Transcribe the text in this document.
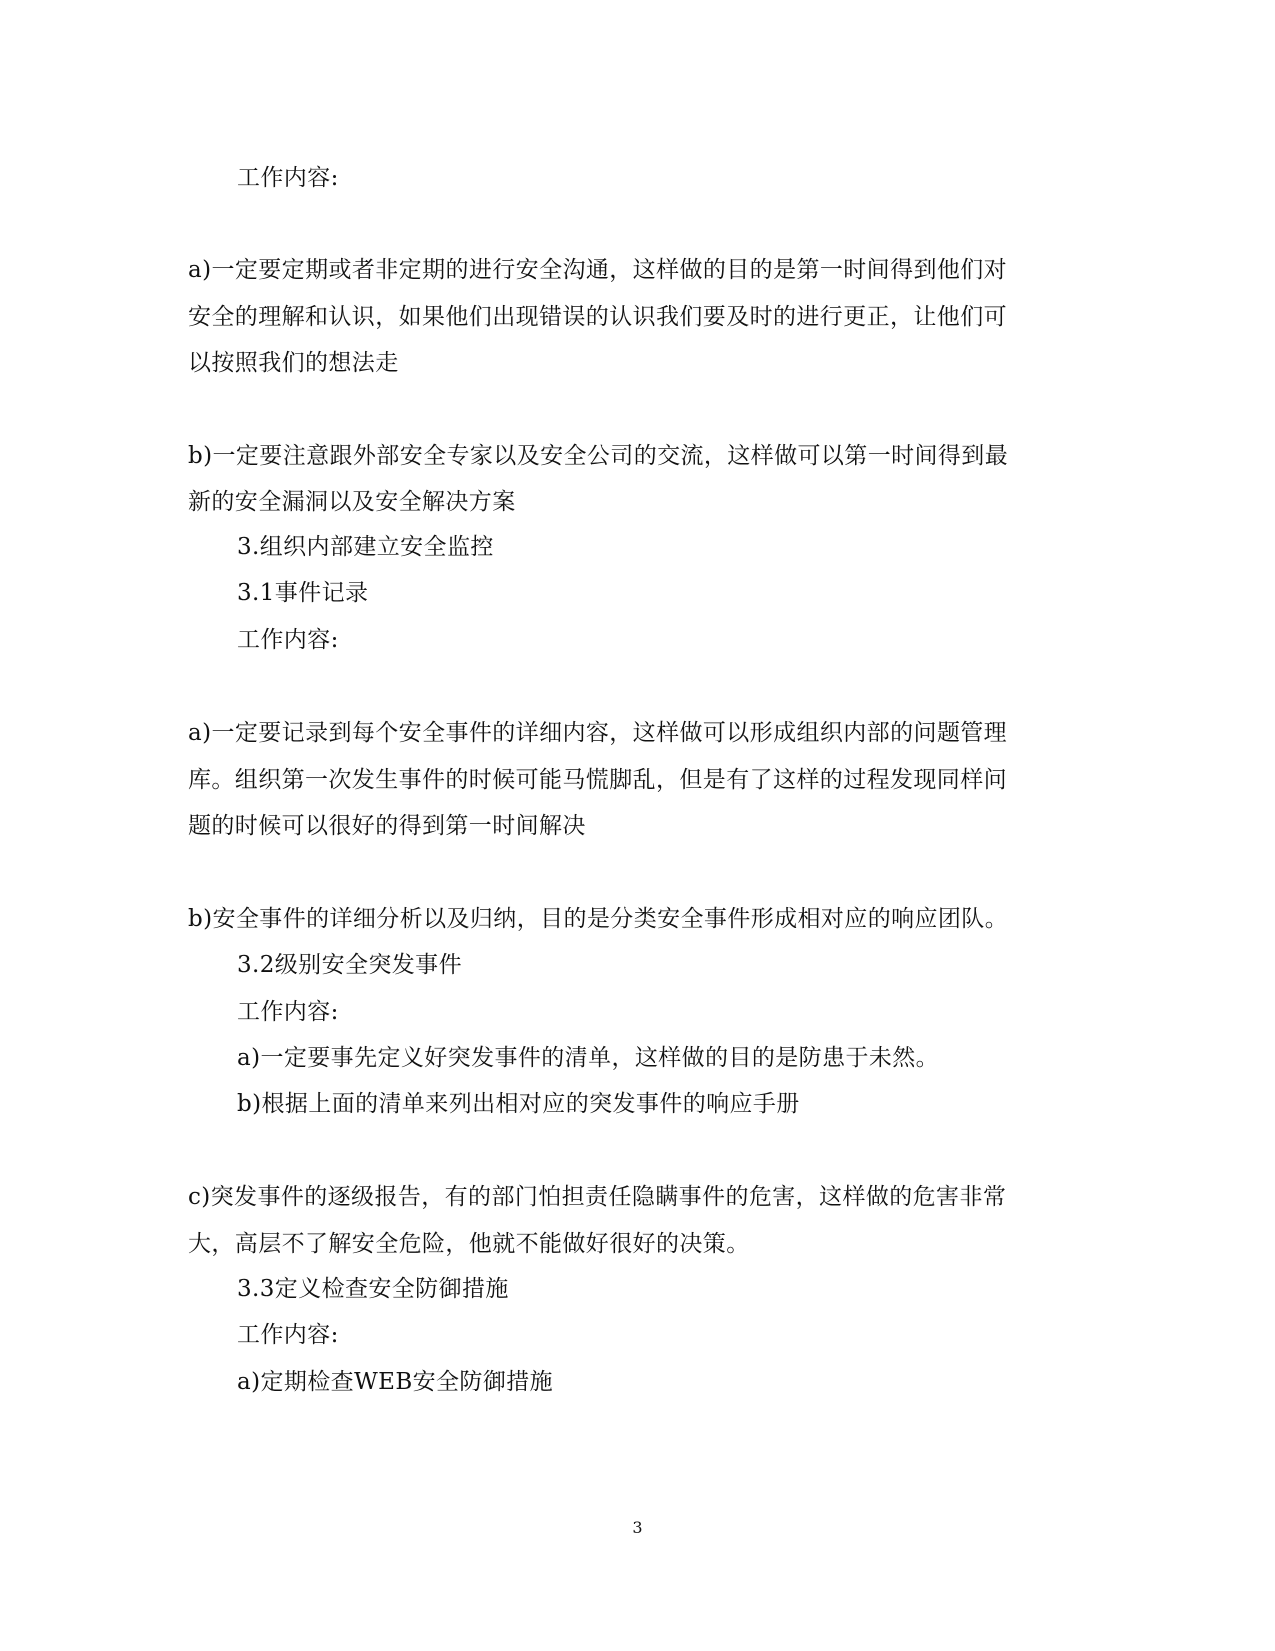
工作内容:
a)一定要定期或者非定期的进行安全沟通，这样做的目的是第一时间得到他们对
安全的理解和认识，如果他们出现错误的认识我们要及时的进行更正，让他们可
以按照我们的想法走
b)一定要注意跟外部安全专家以及安全公司的交流，这样做可以第一时间得到最
新的安全漏洞以及安全解决方案
3.组织内部建立安全监控
3.1事件记录
工作内容:
a)一定要记录到每个安全事件的详细内容，这样做可以形成组织内部的问题管理
库。组织第一次发生事件的时候可能马慌脚乱，但是有了这样的过程发现同样问
题的时候可以很好的得到第一时间解决
b)安全事件的详细分析以及归纳，目的是分类安全事件形成相对应的响应团队。
3.2级别安全突发事件
工作内容:
a)一定要事先定义好突发事件的清单，这样做的目的是防患于未然。
b)根据上面的清单来列出相对应的突发事件的响应手册
c)突发事件的逐级报告，有的部门怕担责任隐瞒事件的危害，这样做的危害非常
大，高层不了解安全危险，他就不能做好很好的决策。
3.3定义检查安全防御措施
工作内容:
a)定期检查WEB安全防御措施
3
